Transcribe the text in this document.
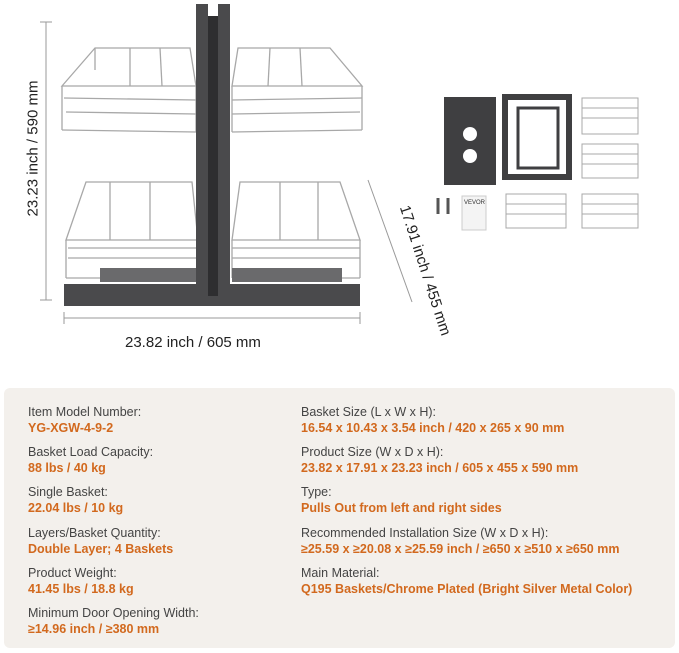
VEVOR
23.82 inch / 605 mm
23.23 inch / 590 mm
17.91 inch / 455 mm
Item Model Number:
YG-XGW-4-9-2
Basket Load Capacity:
88 lbs / 40 kg
Single Basket:
22.04 lbs / 10 kg
Layers/Basket Quantity:
Double Layer; 4 Baskets
Product Weight:
41.45 lbs / 18.8 kg
Minimum Door Opening Width:
≥14.96 inch / ≥380 mm
Basket Size (L x W x H):
16.54 x 10.43 x 3.54 inch / 420 x 265 x 90 mm
Product Size (W x D x H):
23.82 x 17.91 x 23.23 inch / 605 x 455 x 590 mm
Type:
Pulls Out from left and right sides
Recommended Installation Size (W x D x H):
≥25.59 x ≥20.08 x ≥25.59 inch / ≥650 x ≥510 x ≥650 mm
Main Material:
Q195 Baskets/Chrome Plated (Bright Silver Metal Color)
